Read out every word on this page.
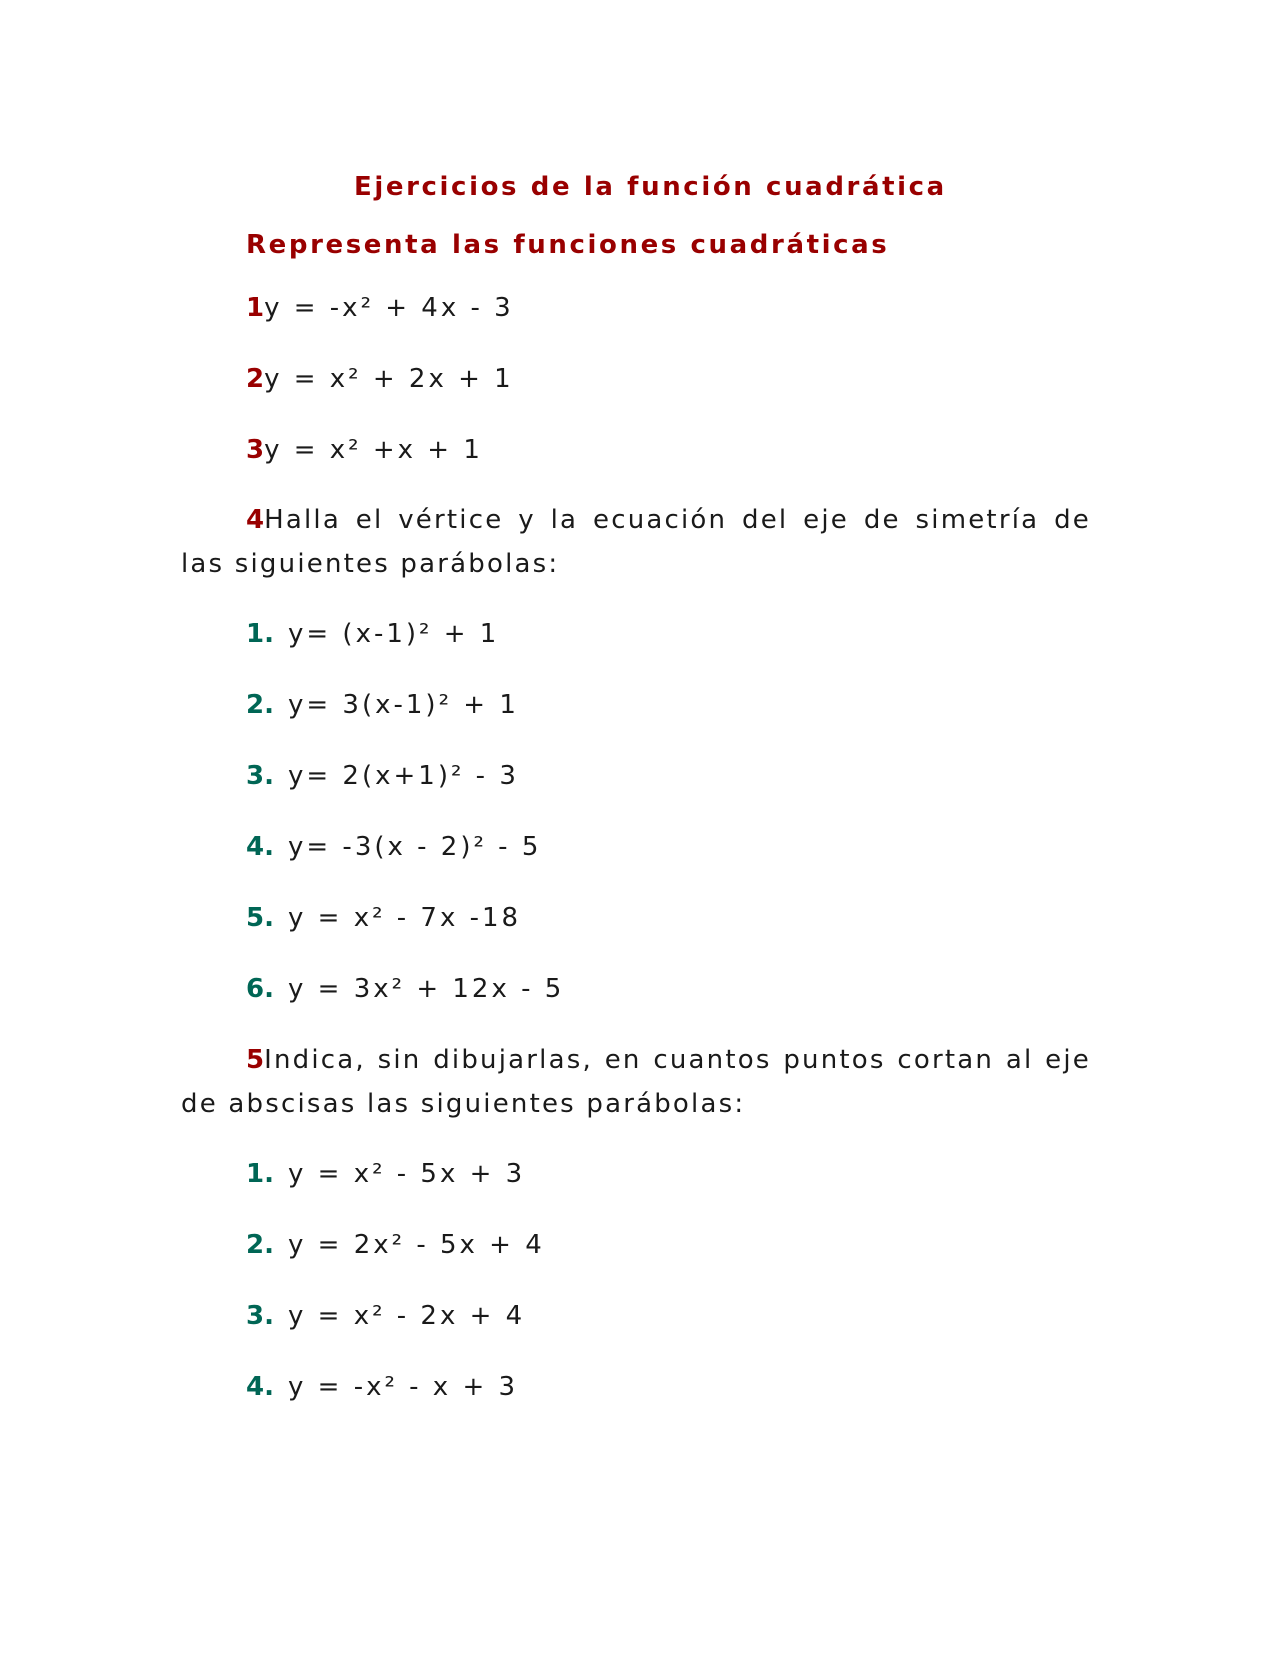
Ejercicios de la función cuadrática
Representa las funciones cuadráticas

1y = -x² + 4x - 3

2y = x² + 2x + 1

3y = x² +x + 1

4Halla el vértice y la ecuación del eje de simetría de las siguientes parábolas:

1. y= (x-1)² + 1

2. y= 3(x-1)² + 1

3. y= 2(x+1)² - 3

4. y= -3(x - 2)² - 5

5. y = x² - 7x -18

6. y = 3x² + 12x - 5

5Indica, sin dibujarlas, en cuantos puntos cortan al eje de abscisas las siguientes parábolas:

1. y = x² - 5x + 3

2. y = 2x² - 5x + 4

3. y = x² - 2x + 4

4. y = -x² - x + 3
